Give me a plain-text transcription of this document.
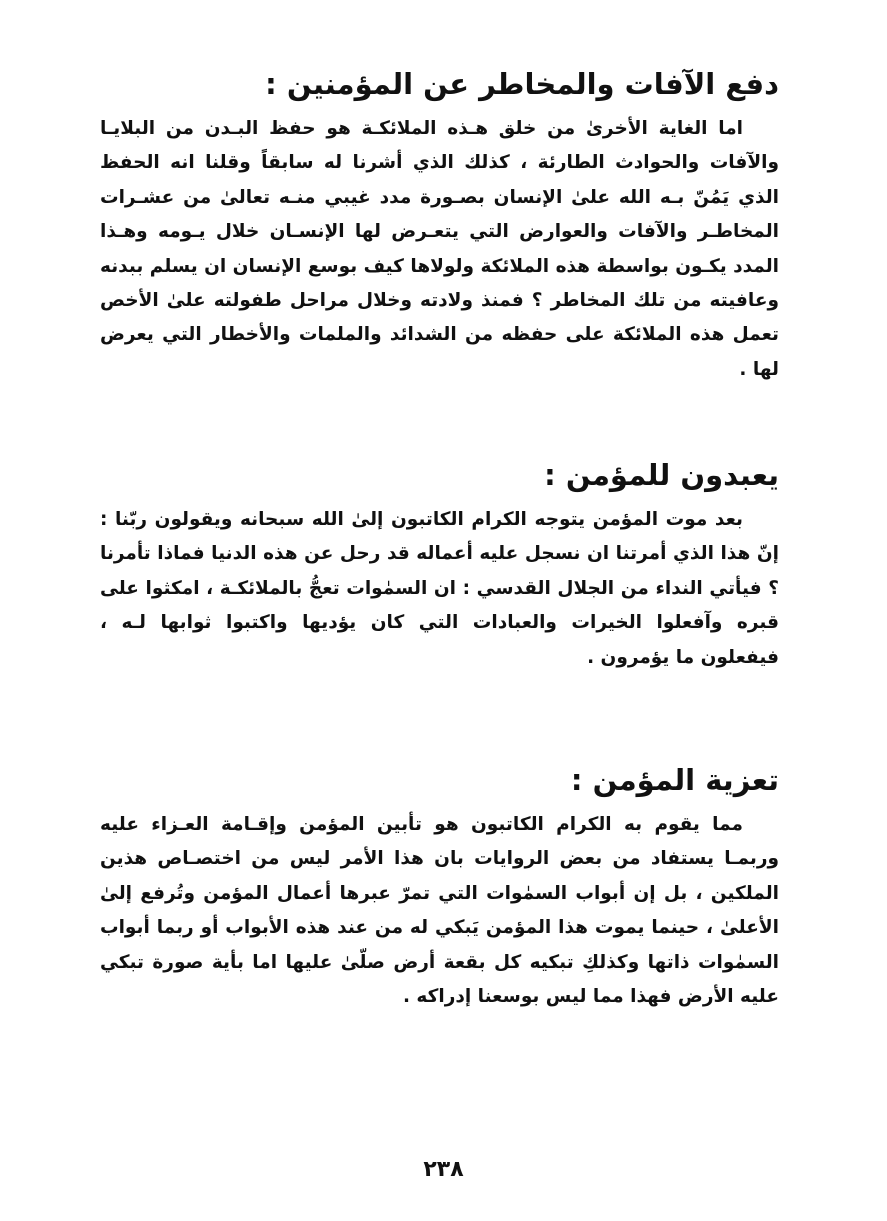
دفع الآفات والمخاطر عن المؤمنين :

اما الغاية الأخرىٰ من خلق هـذه الملائكـة هو حفظ البـدن من البلايـا والآفات والحوادث الطارئة ، كذلك الذي أشرنا له سابقاً وقلنا انه الحفظ الذي يَمُنّ بـه الله علىٰ الإنسان بصـورة مدد غيبي منـه تعالىٰ من عشـرات المخاطـر والآفات والعوارض التي يتعـرض لها الإنسـان خلال يـومه وهـذا المدد يكـون بواسطة هذه الملائكة ولولاها كيف بوسع الإنسان ان يسلم ببدنه وعافيته من تلك المخاطر ؟ فمنذ ولادته وخلال مراحل طفولته علىٰ الأخص تعمل هذه الملائكة على حفظه من الشدائد والملمات والأخطار التي يعرض لها .

يعبدون للمؤمن :

بعد موت المؤمن يتوجه الكرام الكاتبون إلىٰ الله سبحانه ويقولون ربّنا : إنّ هذا الذي أمرتنا ان نسجل عليه أعماله قد رحل عن هذه الدنيا فماذا تأمرنا ؟ فيأتي النداء من الجلال القدسي : ان السمٰوات تعجُّ بالملائكـة ، امكثوا على قبره وآفعلوا الخيرات والعبادات التي كان يؤديها واكتبوا ثوابها لـه ، فيفعلون ما يؤمرون .

تعزية المؤمن :

مما يقوم به الكرام الكاتبون هو تأبين المؤمن وإقـامة العـزاء عليه وربمـا يستفاد من بعض الروايات بان هذا الأمر ليس من اختصـاص هذين الملكين ، بل إن أبواب السمٰوات التي تمرّ عبرها أعمال المؤمن وتُرفع إلىٰ الأعلىٰ ، حينما يموت هذا المؤمن يَبكي له من عند هذه الأبواب أو ربما أبواب السمٰوات ذاتها وكذلكِ تبكيه كل بقعة أرض صلّىٰ عليها اما بأية صورة تبكي عليه الأرض فهذا مما ليس بوسعنا إدراكه .

٢٣٨
